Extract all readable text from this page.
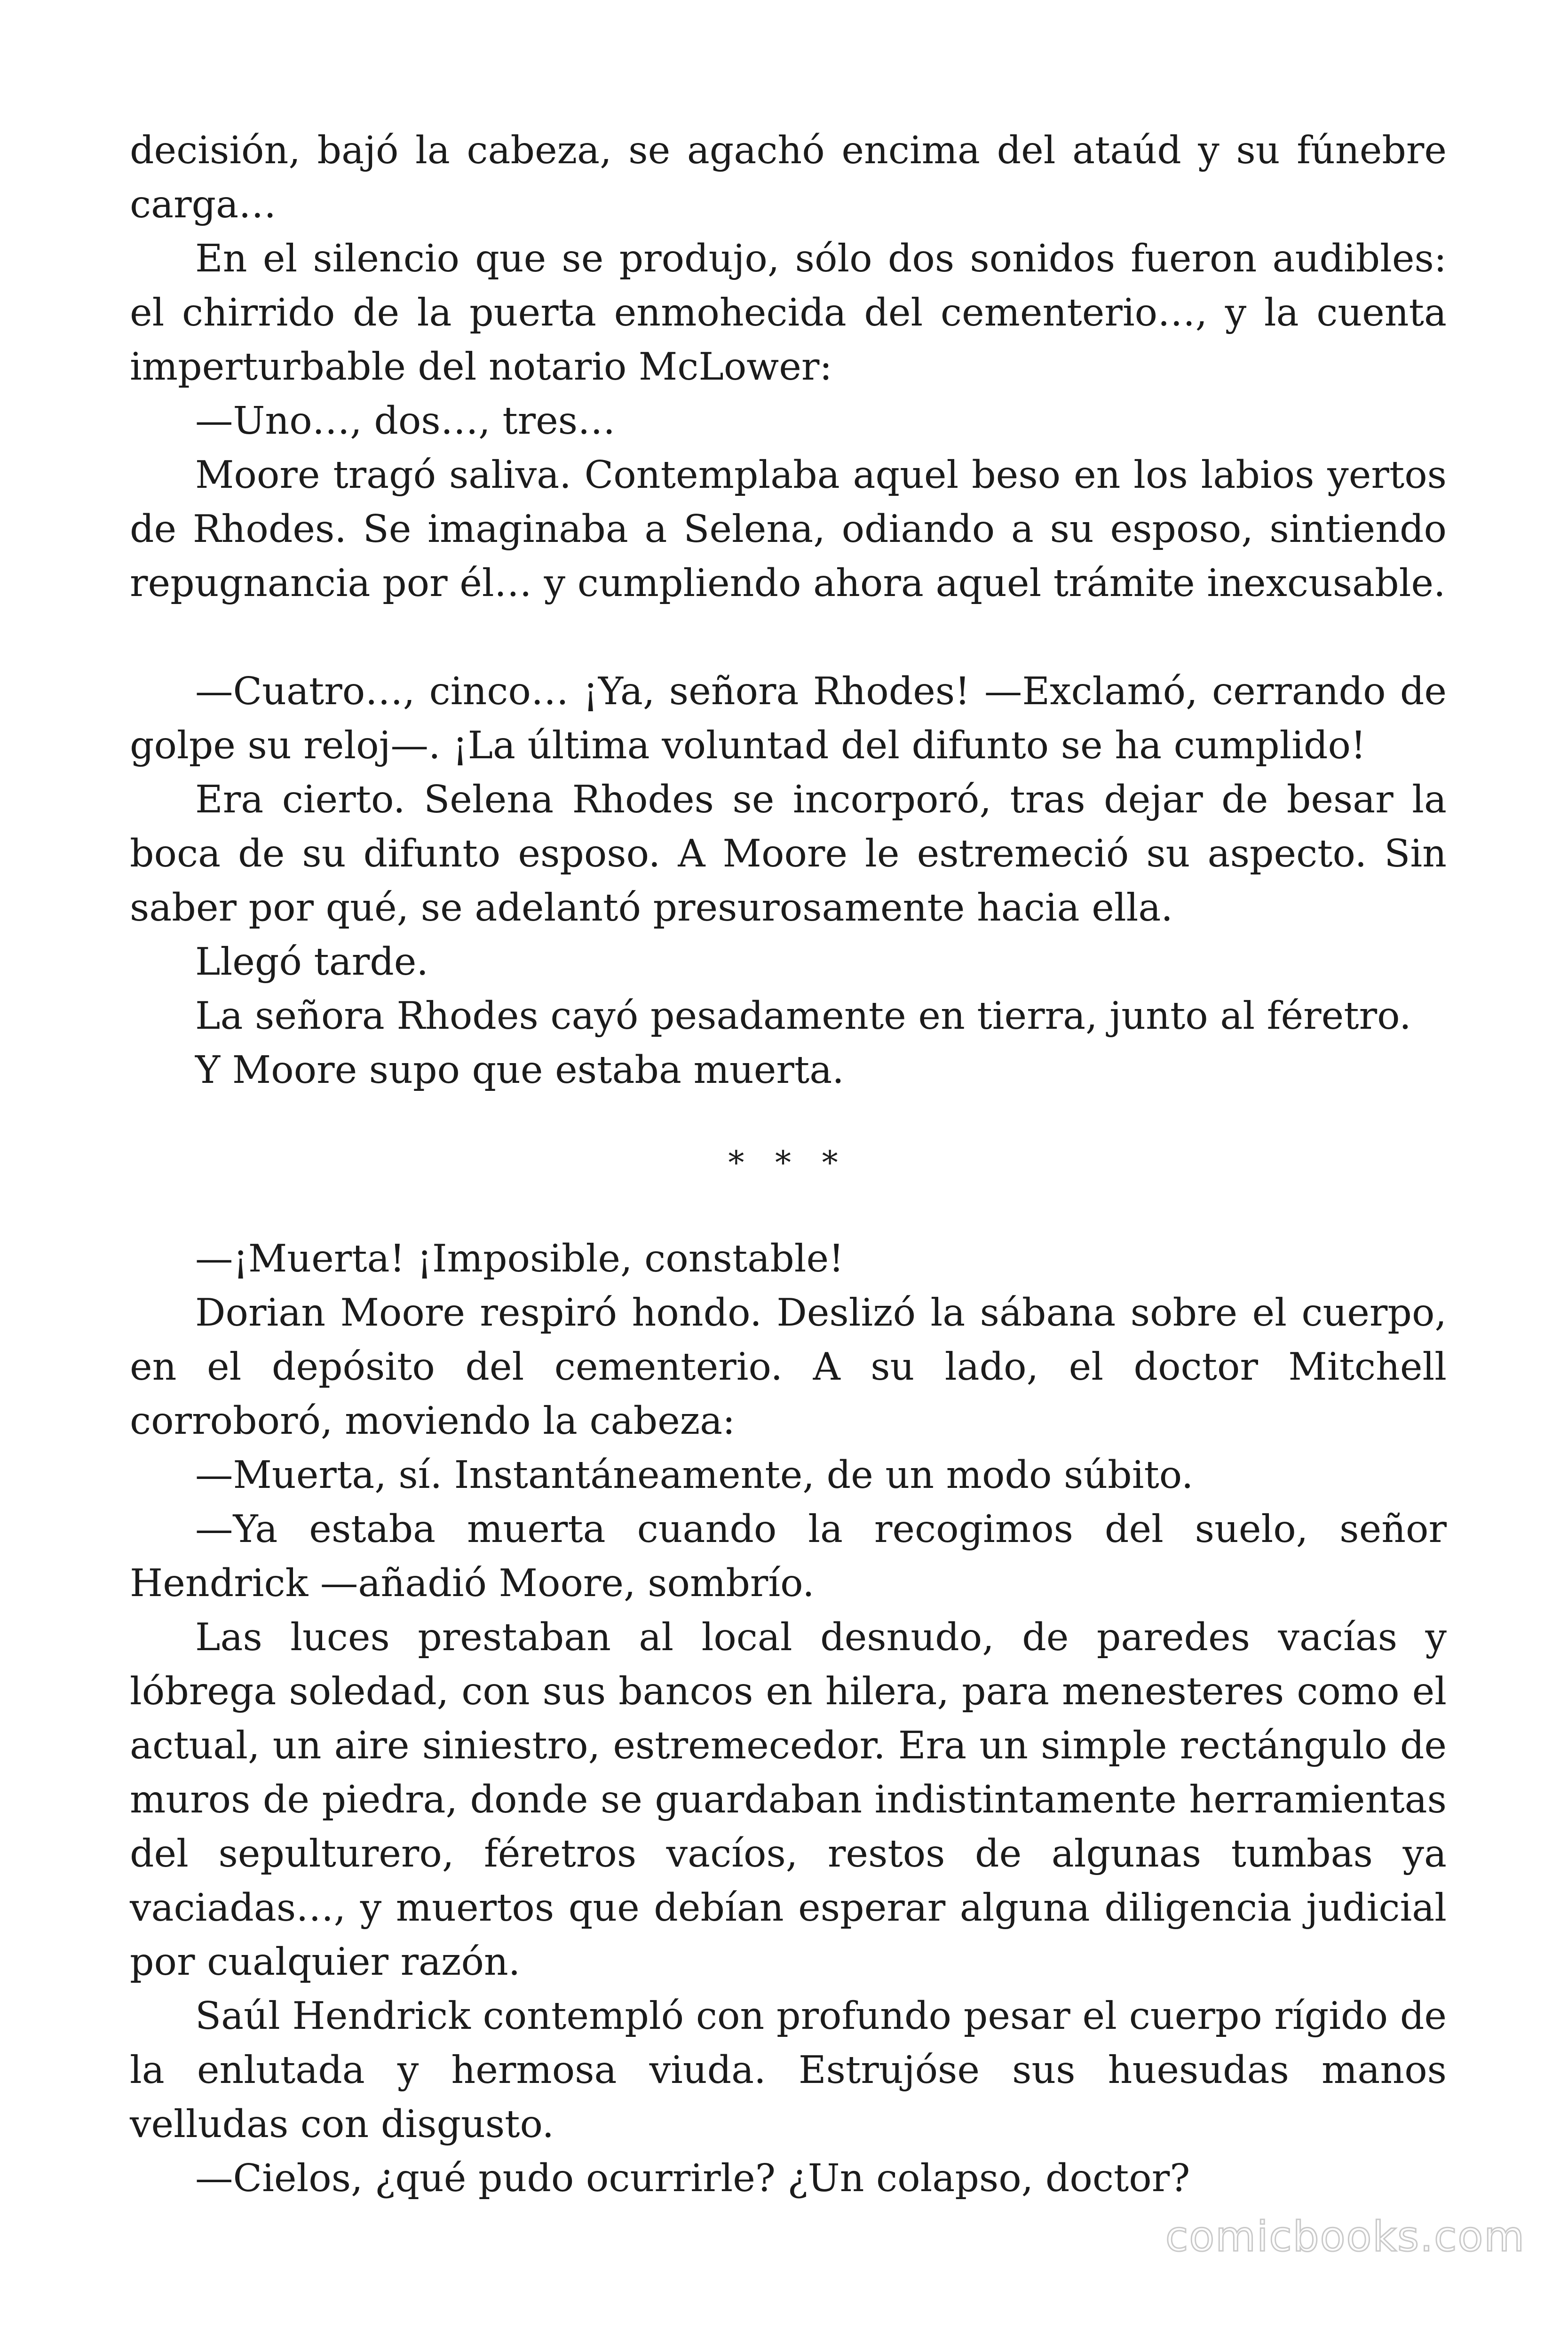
decisión, bajó la cabeza, se agachó encima del ataúd y su fúnebre carga…

En el silencio que se produjo, sólo dos sonidos fueron audibles: el chirrido de la puerta enmohecida del cementerio…, y la cuenta imperturbable del notario McLower:

—Uno…, dos…, tres…

Moore tragó saliva. Contemplaba aquel beso en los labios yertos de Rhodes. Se imaginaba a Selena, odiando a su esposo, sintiendo repugnancia por él… y cumpliendo ahora aquel trámite inexcusable.

—Cuatro…, cinco… ¡Ya, señora Rhodes! —Exclamó, cerrando de golpe su reloj—. ¡La última voluntad del difunto se ha cumplido!

Era cierto. Selena Rhodes se incorporó, tras dejar de besar la boca de su difunto esposo. A Moore le estremeció su aspecto. Sin saber por qué, se adelantó presurosamente hacia ella.

Llegó tarde.

La señora Rhodes cayó pesadamente en tierra, junto al féretro.

Y Moore supo que estaba muerta.

* * *

—¡Muerta! ¡Imposible, constable!

Dorian Moore respiró hondo. Deslizó la sábana sobre el cuerpo, en el depósito del cementerio. A su lado, el doctor Mitchell corroboró, moviendo la cabeza:

—Muerta, sí. Instantáneamente, de un modo súbito.

—Ya estaba muerta cuando la recogimos del suelo, señor Hendrick —añadió Moore, sombrío.

Las luces prestaban al local desnudo, de paredes vacías y lóbrega soledad, con sus bancos en hilera, para menesteres como el actual, un aire siniestro, estremecedor. Era un simple rectángulo de muros de piedra, donde se guardaban indistintamente herramientas del sepulturero, féretros vacíos, restos de algunas tumbas ya vaciadas…, y muertos que debían esperar alguna diligencia judicial por cualquier razón.

Saúl Hendrick contempló con profundo pesar el cuerpo rígido de la enlutada y hermosa viuda. Estrujóse sus huesudas manos velludas con disgusto.

—Cielos, ¿qué pudo ocurrirle? ¿Un colapso, doctor?

comicbooks.com
